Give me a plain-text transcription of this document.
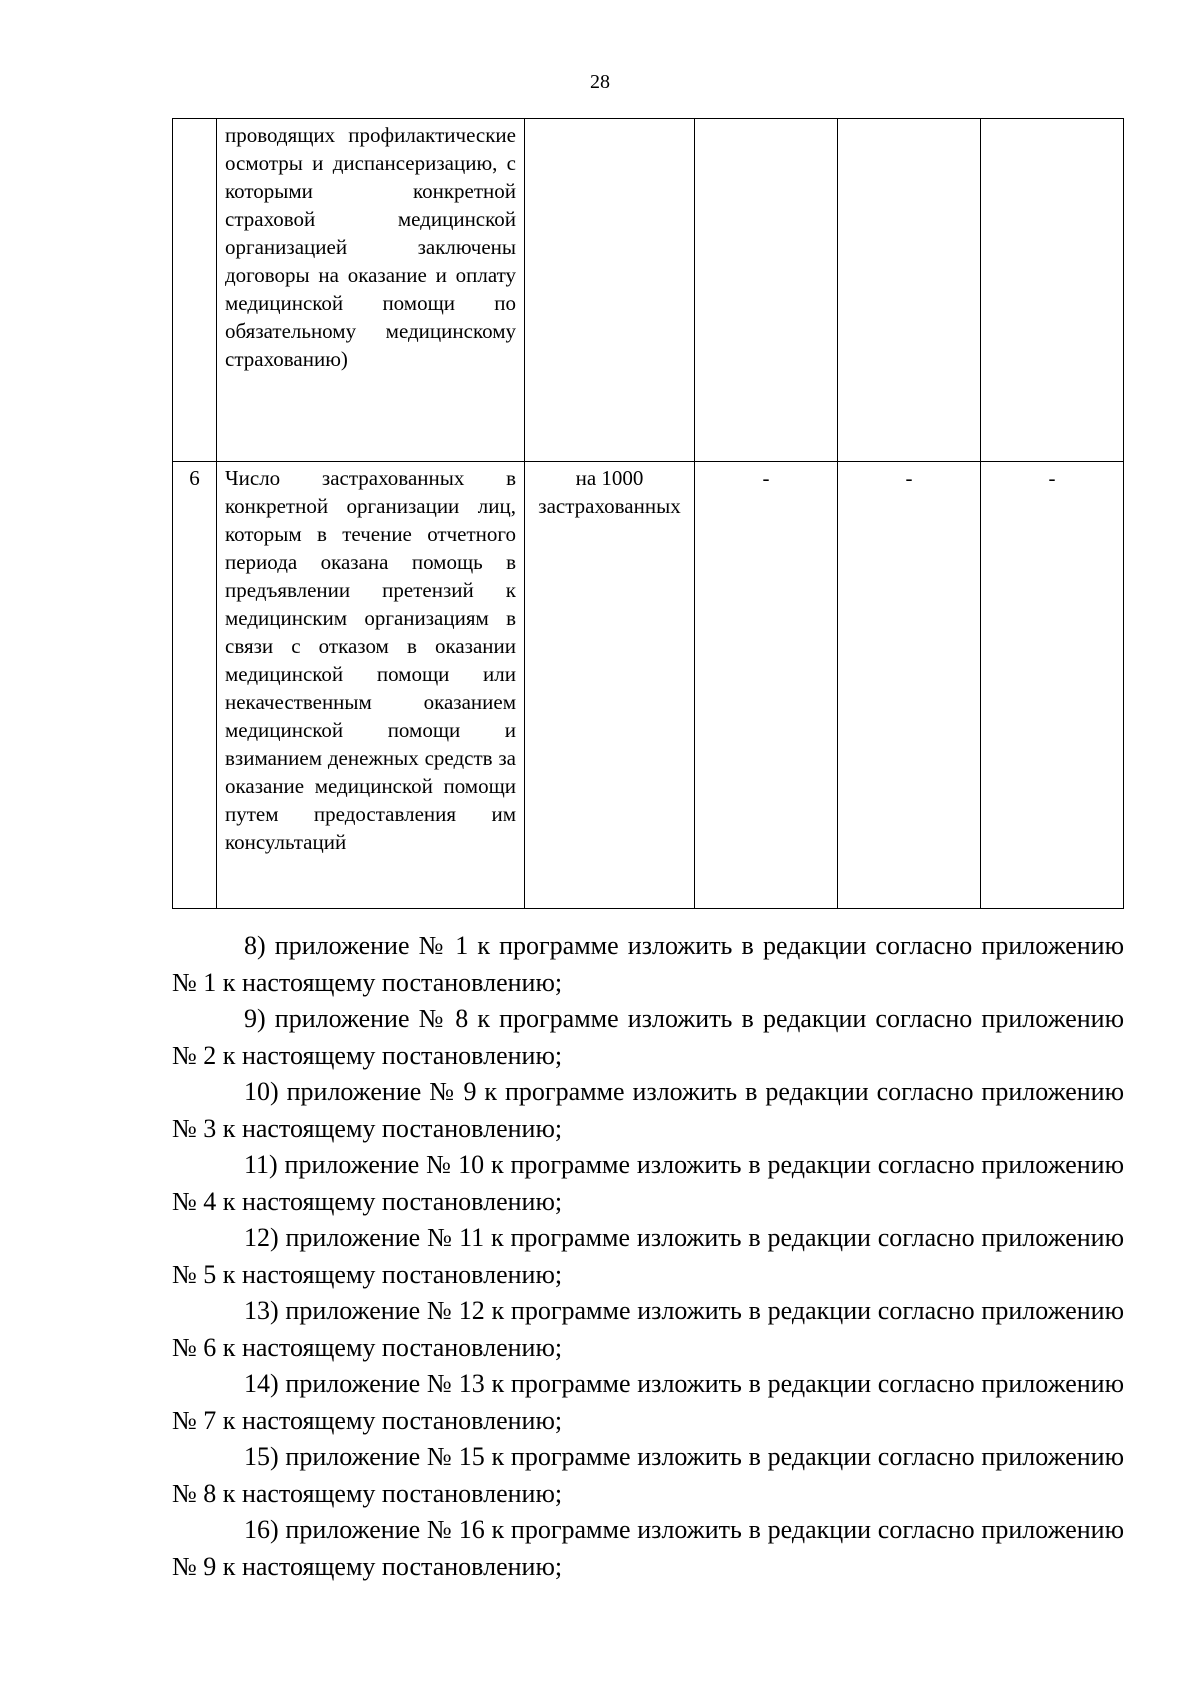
28

	проводящих профилактические осмотры и диспансеризацию, с которыми конкретной страховой медицинской организацией заключены договоры на оказание и оплату медицинской помощи по обязательному медицинскому страхованию)				

6	Число застрахованных в конкретной организации лиц, которым в течение отчетного периода оказана помощь в предъявлении претензий к медицинским организациям в связи с отказом в оказании медицинской помощи или некачественным оказанием медицинской помощи и взиманием денежных средств за оказание медицинской помощи путем предоставления им консультаций	на 1000 застрахованных	-	-	-

8) приложение № 1 к программе изложить в редакции согласно приложению № 1 к настоящему постановлению;

9) приложение № 8 к программе изложить в редакции согласно приложению № 2 к настоящему постановлению;

10) приложение № 9 к программе изложить в редакции согласно приложению № 3 к настоящему постановлению;

11) приложение № 10 к программе изложить в редакции согласно приложению № 4 к настоящему постановлению;

12) приложение № 11 к программе изложить в редакции согласно приложению № 5 к настоящему постановлению;

13) приложение № 12 к программе изложить в редакции согласно приложению № 6 к настоящему постановлению;

14) приложение № 13 к программе изложить в редакции согласно приложению № 7 к настоящему постановлению;

15) приложение № 15 к программе изложить в редакции согласно приложению № 8 к настоящему постановлению;

16) приложение № 16 к программе изложить в редакции согласно приложению № 9 к настоящему постановлению;
